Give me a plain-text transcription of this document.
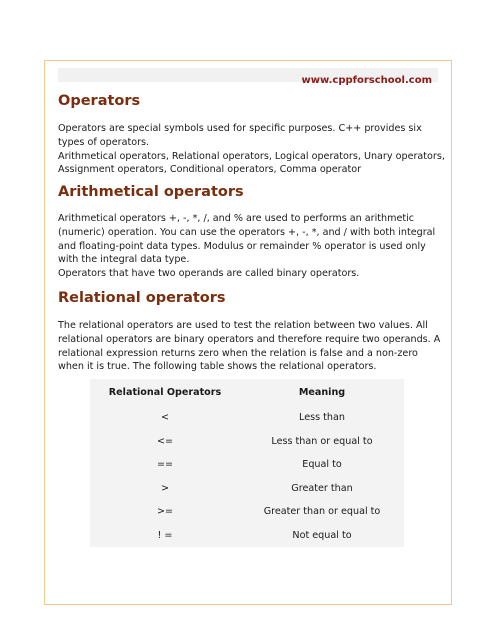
www.cppforschool.com
Operators
Operators are special symbols used for specific purposes. C++ provides six
types of operators.
Arithmetical operators, Relational operators, Logical operators, Unary operators,
Assignment operators, Conditional operators, Comma operator
Arithmetical operators
Arithmetical operators +, -, *, /, and % are used to performs an arithmetic
(numeric) operation. You can use the operators +, -, *, and / with both integral
and floating-point data types. Modulus or remainder % operator is used only
with the integral data type.
Operators that have two operands are called binary operators.
Relational operators
The relational operators are used to test the relation between two values. All
relational operators are binary operators and therefore require two operands. A
relational expression returns zero when the relation is false and a non-zero
when it is true. The following table shows the relational operators.
Relational Operators	Meaning
<	Less than
<=	Less than or equal to
==	Equal to
>	Greater than
>=	Greater than or equal to
! =	Not equal to
